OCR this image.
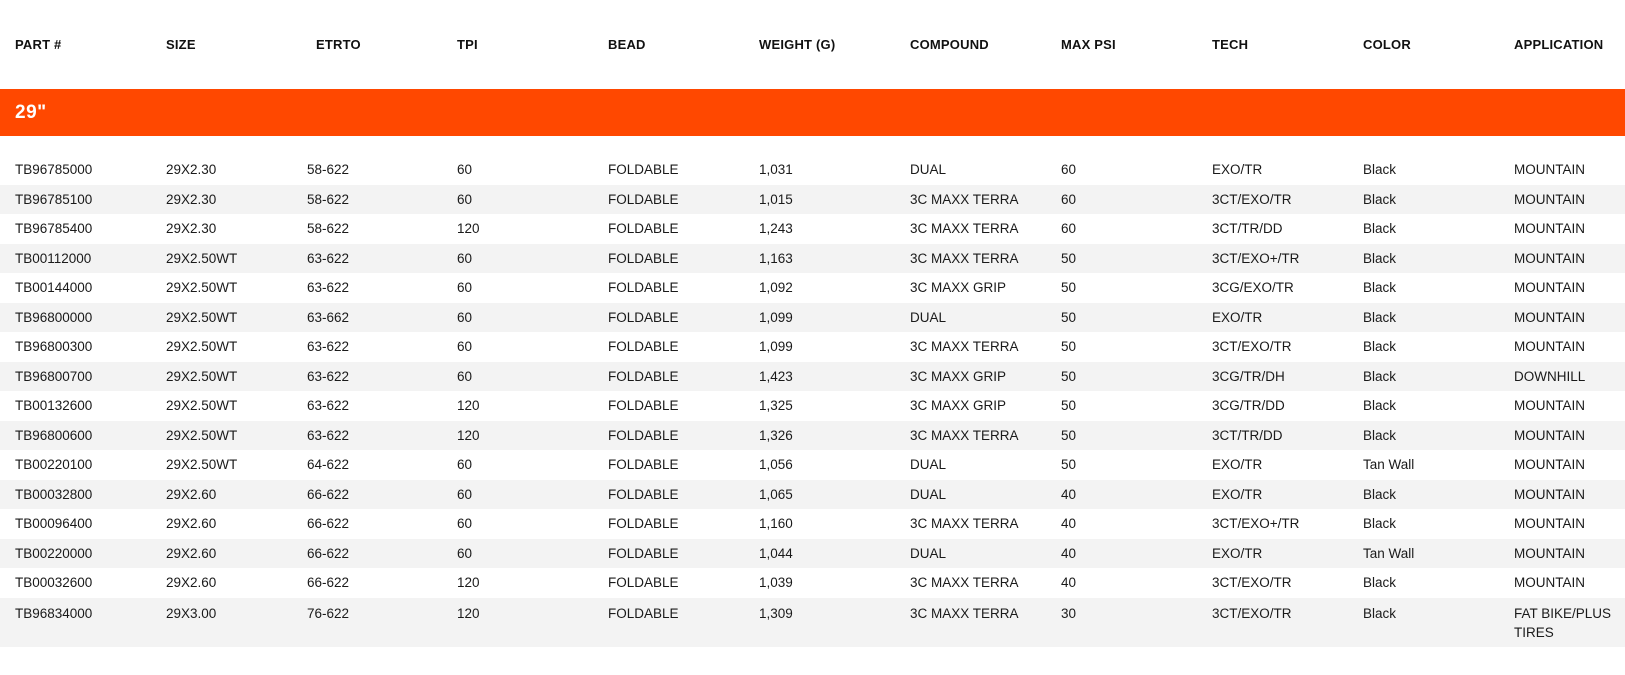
PART #	SIZE	ETRTO	TPI	BEAD	WEIGHT (G)	COMPOUND	MAX PSI	TECH	COLOR	APPLICATION
29"
TB96785000	29X2.30	58-622	60	FOLDABLE	1,031	DUAL	60	EXO/TR	Black	MOUNTAIN
TB96785100	29X2.30	58-622	60	FOLDABLE	1,015	3C MAXX TERRA	60	3CT/EXO/TR	Black	MOUNTAIN
TB96785400	29X2.30	58-622	120	FOLDABLE	1,243	3C MAXX TERRA	60	3CT/TR/DD	Black	MOUNTAIN
TB00112000	29X2.50WT	63-622	60	FOLDABLE	1,163	3C MAXX TERRA	50	3CT/EXO+/TR	Black	MOUNTAIN
TB00144000	29X2.50WT	63-622	60	FOLDABLE	1,092	3C MAXX GRIP	50	3CG/EXO/TR	Black	MOUNTAIN
TB96800000	29X2.50WT	63-662	60	FOLDABLE	1,099	DUAL	50	EXO/TR	Black	MOUNTAIN
TB96800300	29X2.50WT	63-622	60	FOLDABLE	1,099	3C MAXX TERRA	50	3CT/EXO/TR	Black	MOUNTAIN
TB96800700	29X2.50WT	63-622	60	FOLDABLE	1,423	3C MAXX GRIP	50	3CG/TR/DH	Black	DOWNHILL
TB00132600	29X2.50WT	63-622	120	FOLDABLE	1,325	3C MAXX GRIP	50	3CG/TR/DD	Black	MOUNTAIN
TB96800600	29X2.50WT	63-622	120	FOLDABLE	1,326	3C MAXX TERRA	50	3CT/TR/DD	Black	MOUNTAIN
TB00220100	29X2.50WT	64-622	60	FOLDABLE	1,056	DUAL	50	EXO/TR	Tan Wall	MOUNTAIN
TB00032800	29X2.60	66-622	60	FOLDABLE	1,065	DUAL	40	EXO/TR	Black	MOUNTAIN
TB00096400	29X2.60	66-622	60	FOLDABLE	1,160	3C MAXX TERRA	40	3CT/EXO+/TR	Black	MOUNTAIN
TB00220000	29X2.60	66-622	60	FOLDABLE	1,044	DUAL	40	EXO/TR	Tan Wall	MOUNTAIN
TB00032600	29X2.60	66-622	120	FOLDABLE	1,039	3C MAXX TERRA	40	3CT/EXO/TR	Black	MOUNTAIN
TB96834000	29X3.00	76-622	120	FOLDABLE	1,309	3C MAXX TERRA	30	3CT/EXO/TR	Black	FAT BIKE/PLUS TIRES
